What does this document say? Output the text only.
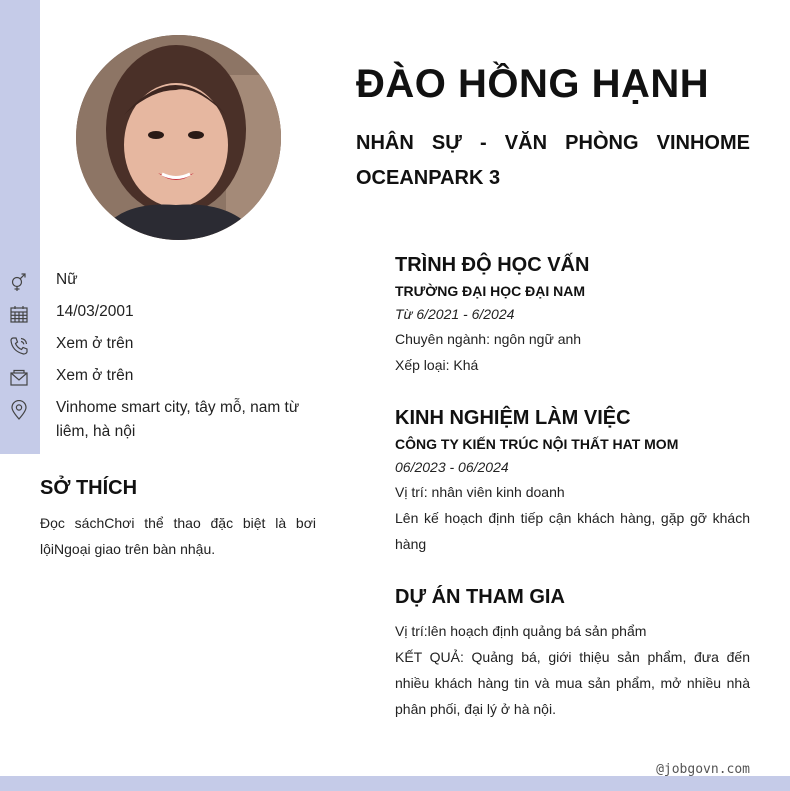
ĐÀO HỒNG HẠNH
NHÂN SỰ - VĂN PHÒNG VINHOME OCEANPARK 3
Nữ
14/03/2001
Xem ở trên
Xem ở trên
Vinhome smart city, tây mỗ, nam từ liêm, hà nội
SỞ THÍCH

Đọc sáchChơi thể thao đặc biệt là bơi lộiNgoại giao trên bàn nhậu.

TRÌNH ĐỘ HỌC VẤN

TRƯỜNG ĐẠI HỌC ĐẠI NAM

Từ 6/2021 - 6/2024

Chuyên ngành: ngôn ngữ anh

Xếp loại: Khá

KINH NGHIỆM LÀM VIỆC

CÔNG TY KIẾN TRÚC NỘI THẤT HAT MOM

06/2023 - 06/2024

Vị trí: nhân viên kinh doanh

Lên kế hoạch định tiếp cận khách hàng, gặp gỡ khách hàng

DỰ ÁN THAM GIA

Vị trí:lên hoạch định quảng bá sản phẩm

KẾT QUẢ: Quảng bá, giới thiệu sản phẩm, đưa đến nhiều khách hàng tin và mua sản phẩm, mở nhiều nhà phân phối, đại lý ở hà nội.

@jobgovn.com
